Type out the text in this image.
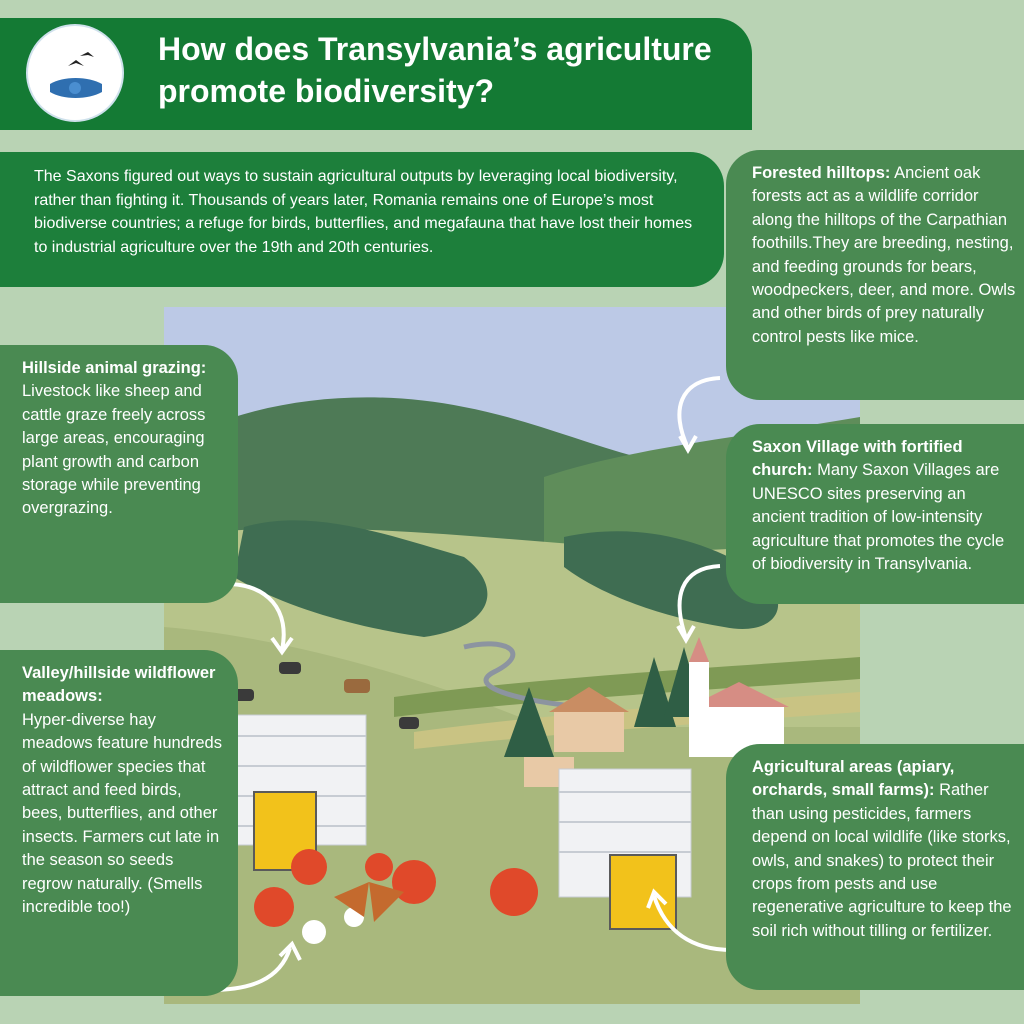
How does Transylvania’s agriculture promote biodiversity?
The Saxons figured out ways to sustain agricultural outputs by leveraging local biodiversity, rather than fighting it. Thousands of years later, Romania remains one of Europe’s most biodiverse countries; a refuge for birds, butterflies, and megafauna that have lost their homes to industrial agriculture over the 19th and 20th centuries.
Hillside animal grazing:
Livestock like sheep and cattle graze freely across large areas, encouraging plant growth and carbon storage while preventing overgrazing.
Valley/hillside wildflower meadows:
Hyper-diverse hay meadows feature hundreds of wildflower species that attract and feed birds, bees, butterflies, and other insects. Farmers cut late in the season so seeds regrow naturally. (Smells incredible too!)
Forested hilltops: Ancient oak forests act as a wildlife corridor along the hilltops of the Carpathian foothills.They are breeding, nesting, and feeding grounds for bears, woodpeckers, deer, and more. Owls and other birds of prey naturally control pests like mice.
Saxon Village with fortified church: Many Saxon Villages are UNESCO sites preserving an ancient tradition of low-intensity agriculture that promotes the cycle of biodiversity in Transylvania.
Agricultural areas (apiary, orchards, small farms): Rather than using pesticides, farmers depend on local wildlife (like storks, owls, and snakes) to protect their crops from pests and use regenerative agriculture to keep the soil rich without tilling or fertilizer.
